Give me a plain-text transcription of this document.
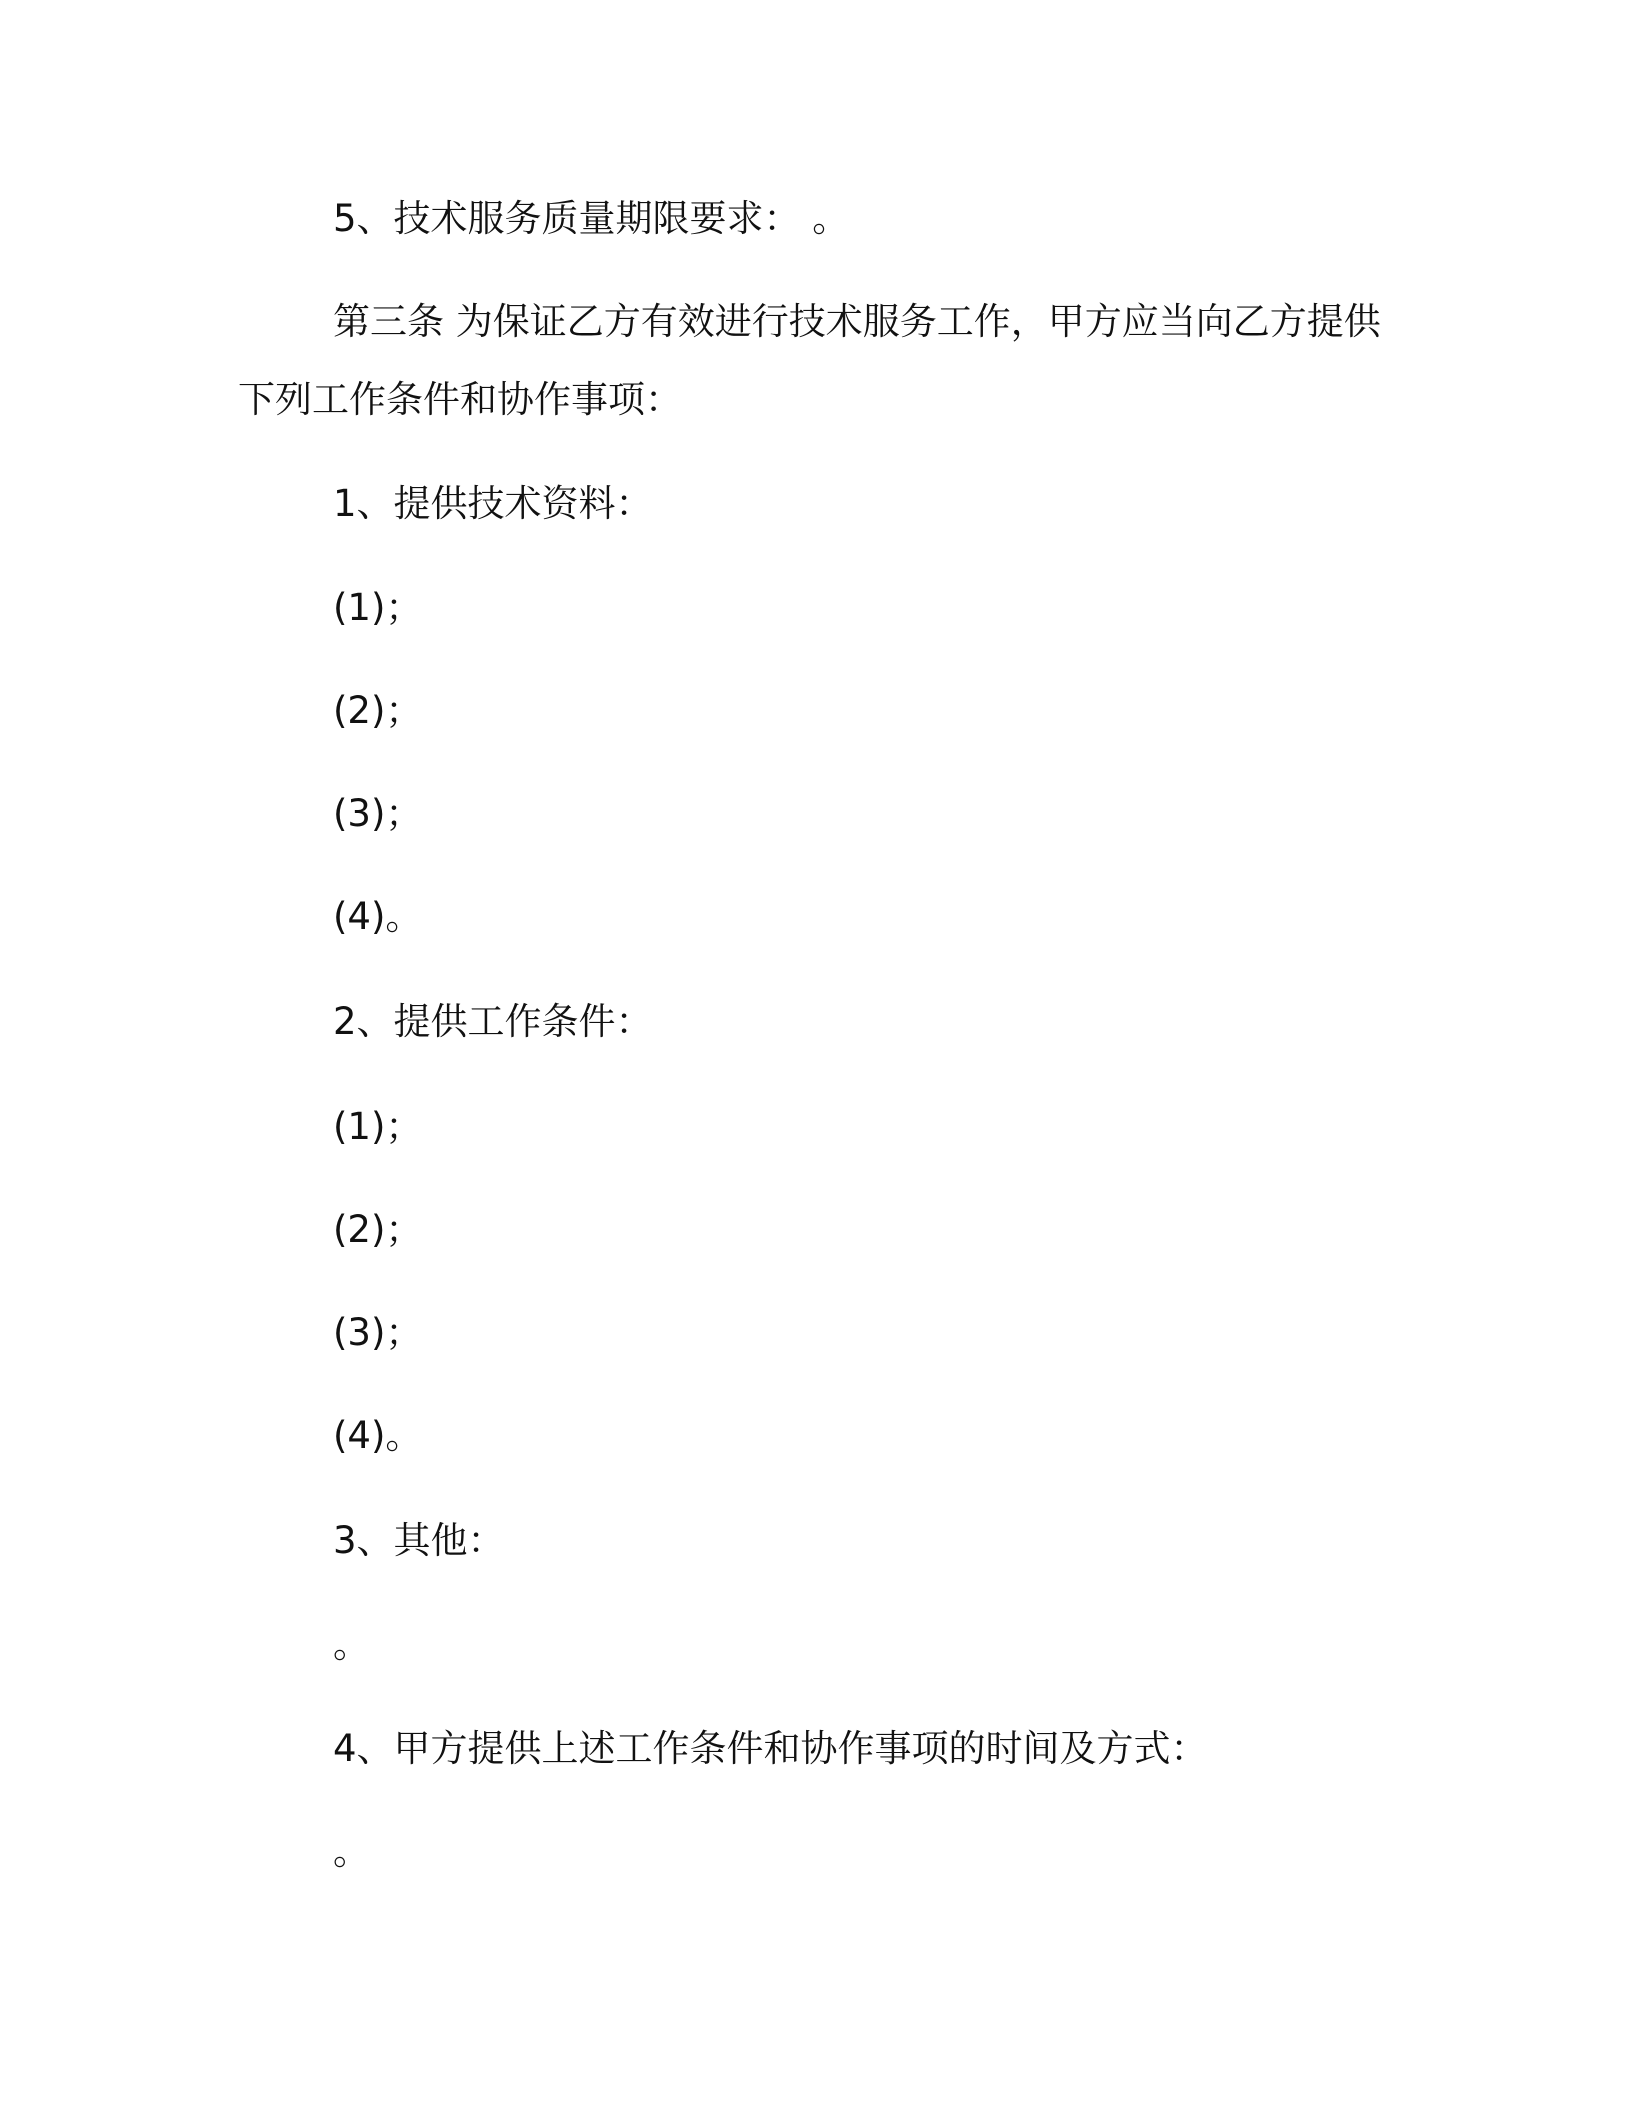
5、技术服务质量期限要求： 。
第三条 为保证乙方有效进行技术服务工作，甲方应当向乙方提供
下列工作条件和协作事项：
1、提供技术资料：
(1)；
(2)；
(3)；
(4)。
2、提供工作条件：
(1)；
(2)；
(3)；
(4)。
3、其他：
。
4、甲方提供上述工作条件和协作事项的时间及方式：
。
